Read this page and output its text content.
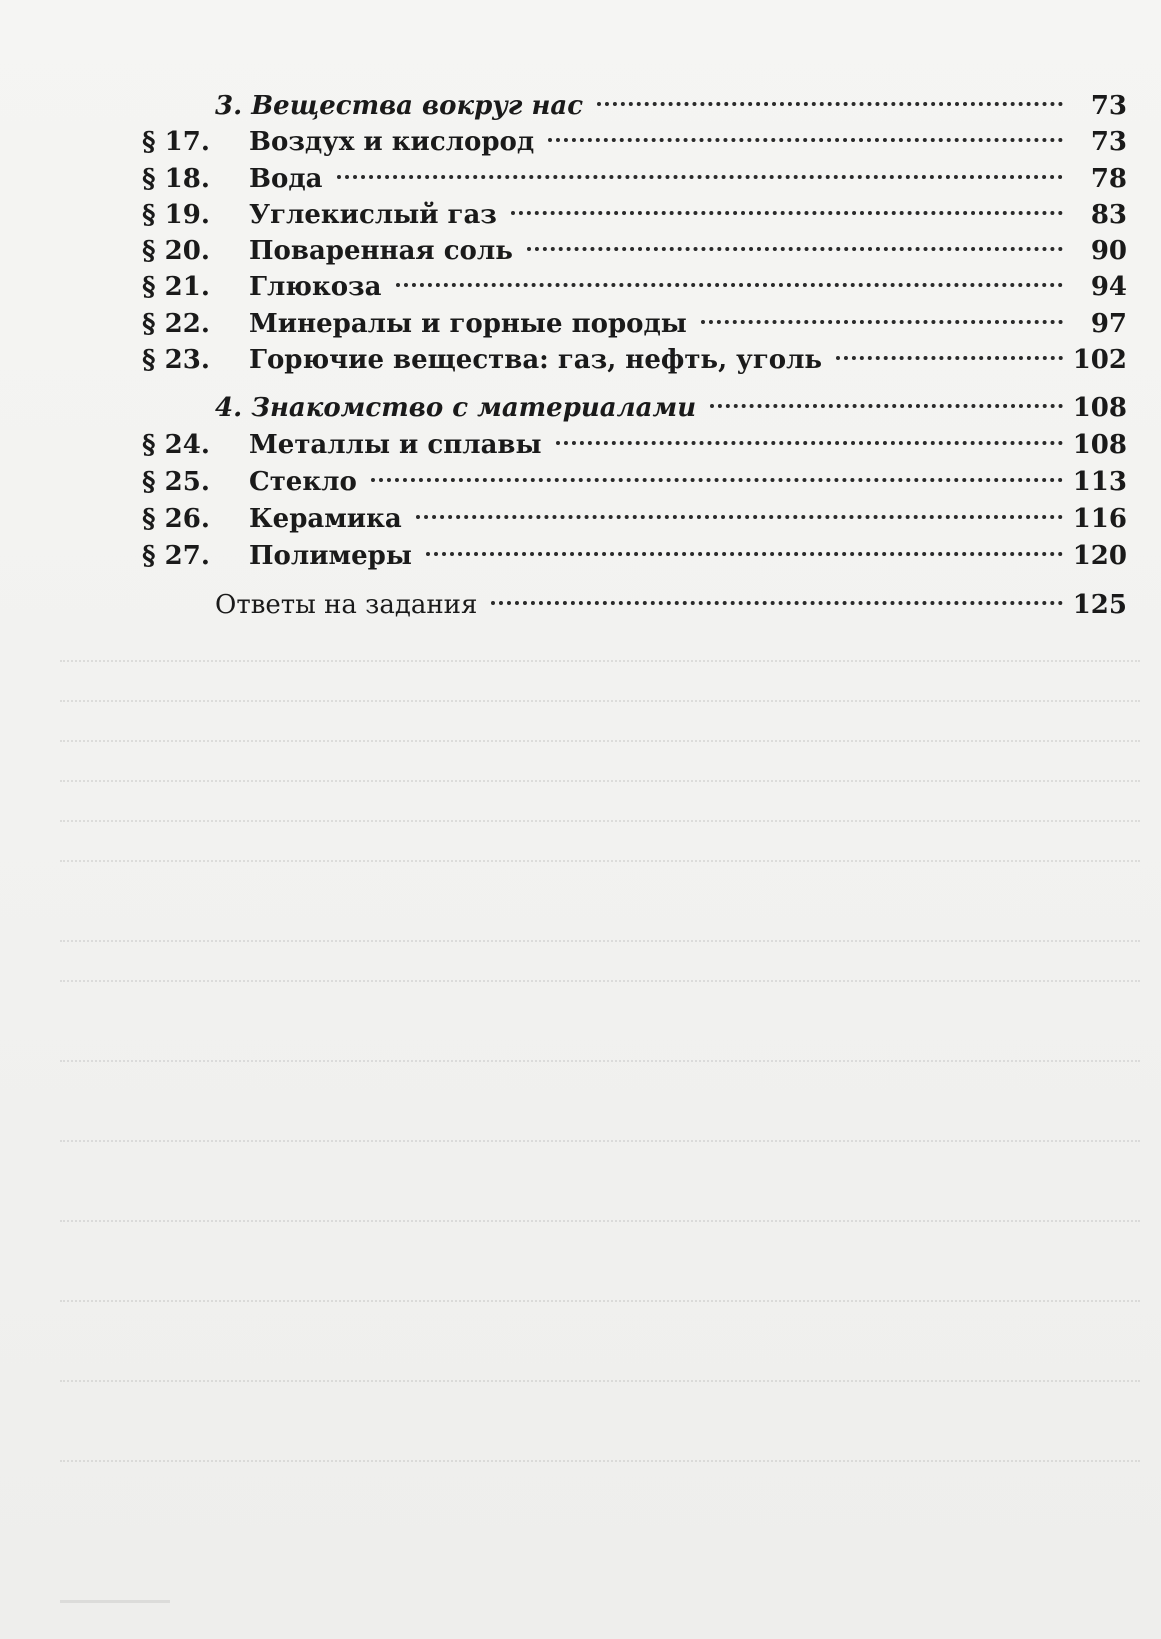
3. Вещества вокруг нас	73
§ 17. Воздух и кислород	73
§ 18. Вода	78
§ 19. Углекислый газ	83
§ 20. Поваренная соль	90
§ 21. Глюкоза	94
§ 22. Минералы и горные породы	97
§ 23. Горючие вещества: газ, нефть, уголь	102
4. Знакомство с материалами	108
§ 24. Металлы и сплавы	108
§ 25. Стекло	113
§ 26. Керамика	116
§ 27. Полимеры	120
Ответы на задания	125
